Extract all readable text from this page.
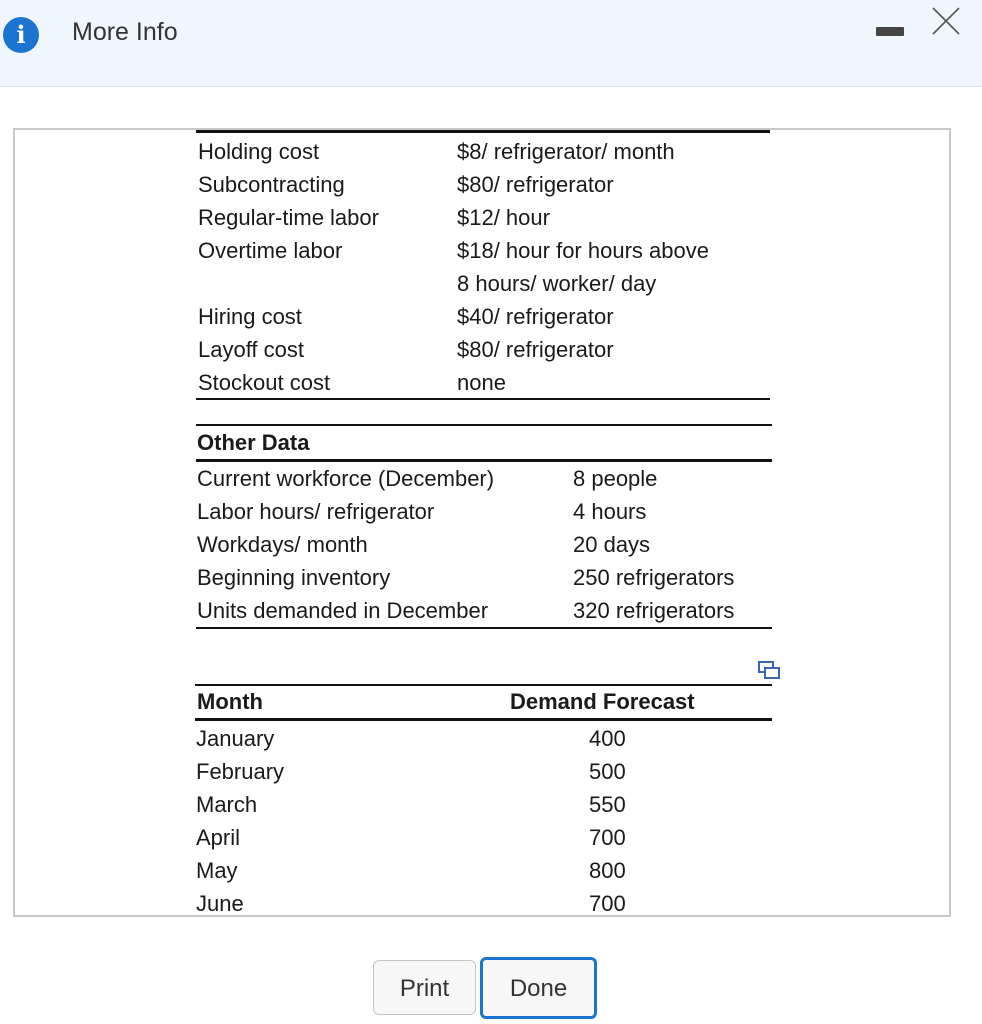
i	More Info
Holding cost	$8/ refrigerator/ month
Subcontracting	$80/ refrigerator
Regular-time labor	$12/ hour
Overtime labor	$18/ hour for hours above
8 hours/ worker/ day
Hiring cost	$40/ refrigerator
Layoff cost	$80/ refrigerator
Stockout cost	none
Other Data
Current workforce (December)	8 people
Labor hours/ refrigerator	4 hours
Workdays/ month	20 days
Beginning inventory	250 refrigerators
Units demanded in December	320 refrigerators
Month	Demand Forecast
January	400
February	500
March	550
April	700
May	800
June	700
Print	Done
